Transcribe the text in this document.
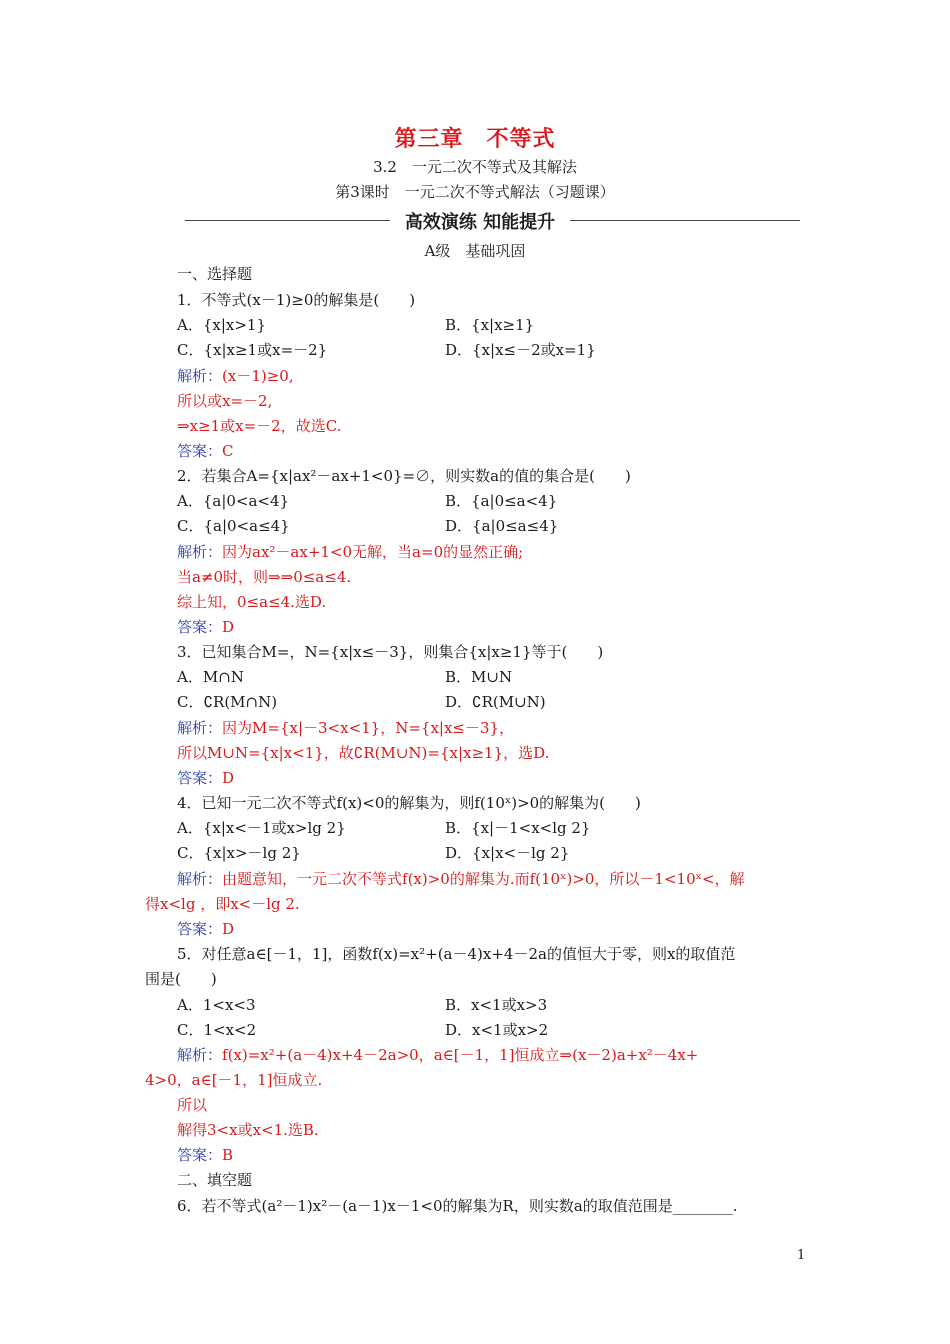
第三章　不等式
3.2　一元二次不等式及其解法
第3课时　一元二次不等式解法（习题课）
高效演练 知能提升
A级　基础巩固
一、选择题
1．不等式(x－1)≥0的解集是(　　)
A．{x|x>1}	B．{x|x≥1}
C．{x|x≥1或x=－2}	D．{x|x≤－2或x=1}
解析：(x－1)≥0,
所以或x=－2,
⇒x≥1或x=－2，故选C.
答案：C
2．若集合A={x|ax²－ax+1<0}=∅，则实数a的值的集合是(　　)
A．{a|0<a<4}	B．{a|0≤a<4}
C．{a|0<a≤4}	D．{a|0≤a≤4}
解析：因为ax²－ax+1<0无解，当a=0的显然正确;
当a≠0时，则⇒⇒0≤a≤4.
综上知，0≤a≤4.选D.
答案：D
3．已知集合M=，N={x|x≤－3}，则集合{x|x≥1}等于(　　)
A．M∩N	B．M∪N
C．∁R(M∩N)	D．∁R(M∪N)
解析：因为M={x|－3<x<1}，N={x|x≤－3}，
所以M∪N={x|x<1}，故∁R(M∪N)={x|x≥1}，选D.
答案：D
4．已知一元二次不等式f(x)<0的解集为，则f(10ˣ)>0的解集为(　　)
A．{x|x<－1或x>lg 2}	B．{x|－1<x<lg 2}
C．{x|x>－lg 2}	D．{x|x<－lg 2}
解析：由题意知，一元二次不等式f(x)>0的解集为.而f(10ˣ)>0，所以－1<10ˣ<，解
得x<lg ，即x<－lg 2.
答案：D
5．对任意a∈[－1，1]，函数f(x)=x²+(a－4)x+4－2a的值恒大于零，则x的取值范
围是(　　)
A．1<x<3	B．x<1或x>3
C．1<x<2	D．x<1或x>2
解析：f(x)=x²+(a－4)x+4－2a>0，a∈[－1，1]恒成立⇒(x－2)a+x²－4x+
4>0，a∈[－1，1]恒成立.
所以
解得3<x或x<1.选B.
答案：B
二、填空题
6．若不等式(a²－1)x²－(a－1)x－1<0的解集为R，则实数a的取值范围是________.
1
